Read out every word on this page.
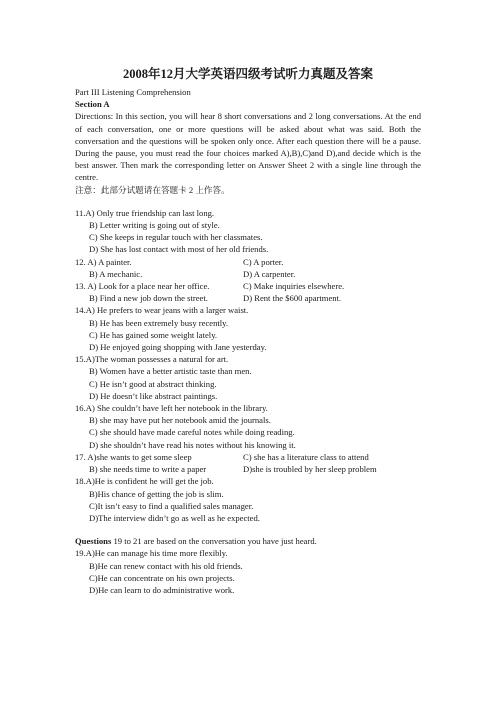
2008年12月大学英语四级考试听力真题及答案
Part III Listening Comprehension
Section A
Directions: In this section, you will hear 8 short conversations and 2 long conversations. At the end of each conversation, one or more questions will be asked about what was said. Both the conversation and the questions will be spoken only once. After each question there will be a pause. During the pause, you must read the four choices marked A),B),C)and D),and decide which is the best answer. Then mark the corresponding letter on Answer Sheet 2 with a single line through the centre.
注意：此部分试题请在答题卡 2 上作答。
11.A) Only true friendship can last long.
B) Letter writing is going out of style.
C) She keeps in regular touch with her classmates.
D) She has lost contact with most of her old friends.
12. A) A painter.	C) A porter.
B) A mechanic.	D) A carpenter.
13. A) Look for a place near her office.	C) Make inquiries elsewhere.
B) Find a new job down the street.	D) Rent the $600 apartment.
14.A) He prefers to wear jeans with a larger waist.
B) He has been extremely busy recently.
C) He has gained some weight lately.
D) He enjoyed going shopping with Jane yesterday.
15.A)The woman possesses a natural for art.
B) Women have a better artistic taste than men.
C) He isn’t good at abstract thinking.
D) He doesn’t like abstract paintings.
16.A) She couldn’t have left her notebook in the library.
B) she may have put her notebook amid the journals.
C) she should have made careful notes while doing reading.
D) she shouldn’t have read his notes without his knowing it.
17. A)she wants to get some sleep	C) she has a literature class to attend
B) she needs time to write a paper	D)she is troubled by her sleep problem
18.A)He is confident he will get the job.
B)His chance of getting the job is slim.
C)It isn’t easy to find a qualified sales manager.
D)The interview didn’t go as well as he expected.
Questions 19 to 21 are based on the conversation you have just heard.
19.A)He can manage his time more flexibly.
B)He can renew contact with his old friends.
C)He can concentrate on his own projects.
D)He can learn to do administrative work.
